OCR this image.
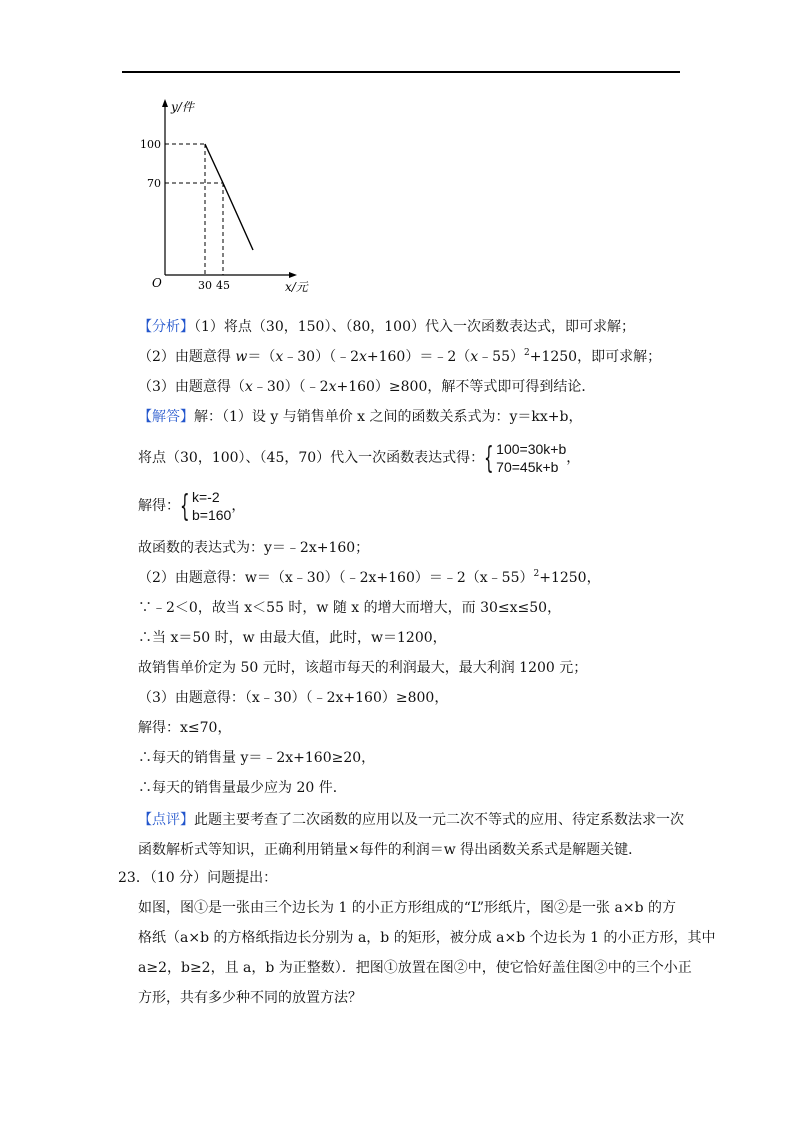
y/件
x/元
O
100
70
30 45
【分析】（1）将点（30，150）、（80，100）代入一次函数表达式，即可求解；
（2）由题意得 w＝（x﹣30）（﹣2x+160）＝﹣2（x﹣55）$^2$+1250，即可求解；
（3）由题意得（x﹣30）（﹣2x+160）≥800，解不等式即可得到结论．
【解答】解：（1）设 y 与销售单价 x 之间的函数关系式为：y＝kx+b，
将点（30，100）、（45，70）代入一次函数表达式得： { 100=30k+b
70=45k+b
，
解得： { k=-2
b=160
，
故函数的表达式为：y＝﹣2x+160；
（2）由题意得：w＝（x﹣30）（﹣2x+160）＝﹣2（x﹣55）$^2$+1250，
∵﹣2＜0，故当 x＜55 时，w 随 x 的增大而增大，而 30≤x≤50，
∴当 x＝50 时，w 由最大值，此时，w＝1200，
故销售单价定为 50 元时，该超市每天的利润最大，最大利润 1200 元；
（3）由题意得：（x﹣30）（﹣2x+160）≥800，
解得：x≤70，
∴每天的销售量 y＝﹣2x+160≥20，
∴每天的销售量最少应为 20 件．
【点评】此题主要考查了二次函数的应用以及一元二次不等式的应用、待定系数法求一次
函数解析式等知识，正确利用销量×每件的利润＝w 得出函数关系式是解题关键．
23．（10 分）问题提出：
如图，图①是一张由三个边长为 1 的小正方形组成的“L”形纸片，图②是一张 a×b 的方
格纸（a×b 的方格纸指边长分别为 a，b 的矩形，被分成 a×b 个边长为 1 的小正方形，其中
a≥2，b≥2，且 a，b 为正整数）．把图①放置在图②中，使它恰好盖住图②中的三个小正
方形，共有多少种不同的放置方法？
